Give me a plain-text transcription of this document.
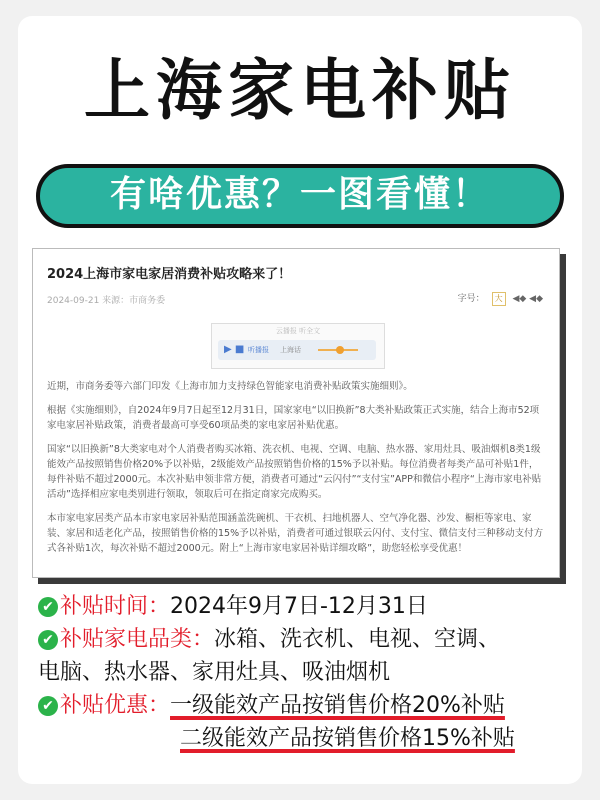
上海家电补贴
有啥优惠？一图看懂！
2024上海市家电家居消费补贴攻略来了！
2024-09-21 来源：市商务委	字号： 大 ◀◆ ◀◆
云播报 听全文
▶ ■ 听播报 上海话

近期，市商务委等六部门印发《上海市加力支持绿色智能家电消费补贴政策实施细则》。

根据《实施细则》，自2024年9月7日起至12月31日，国家家电“以旧换新”8大类补贴政策正式实施，结合上海市52项家电家居补贴政策，消费者最高可享受60项品类的家电家居补贴优惠。

国家“以旧换新”8大类家电对个人消费者购买冰箱、洗衣机、电视、空调、电脑、热水器、家用灶具、吸油烟机8类1级能效产品按照销售价格20%予以补贴，2级能效产品按照销售价格的15%予以补贴。每位消费者每类产品可补贴1件，每件补贴不超过2000元。本次补贴申领非常方便，消费者可通过“云闪付”“支付宝”APP和微信小程序“上海市家电补贴活动”选择相应家电类别进行领取，领取后可在指定商家完成购买。

本市家电家居类产品本市家电家居补贴范围涵盖洗碗机、干衣机、扫地机器人、空气净化器、沙发、橱柜等家电、家装、家居和适老化产品，按照销售价格的15%予以补贴，消费者可通过银联云闪付、支付宝、微信支付三种移动支付方式各补贴1次，每次补贴不超过2000元。附上“上海市家电家居补贴详细攻略”，助您轻松享受优惠！

✔ 补贴时间：2024年9月7日-12月31日
✔ 补贴家电品类：冰箱、洗衣机、电视、空调、
电脑、热水器、家用灶具、吸油烟机
✔ 补贴优惠：一级能效产品按销售价格20%补贴
二级能效产品按销售价格15%补贴
